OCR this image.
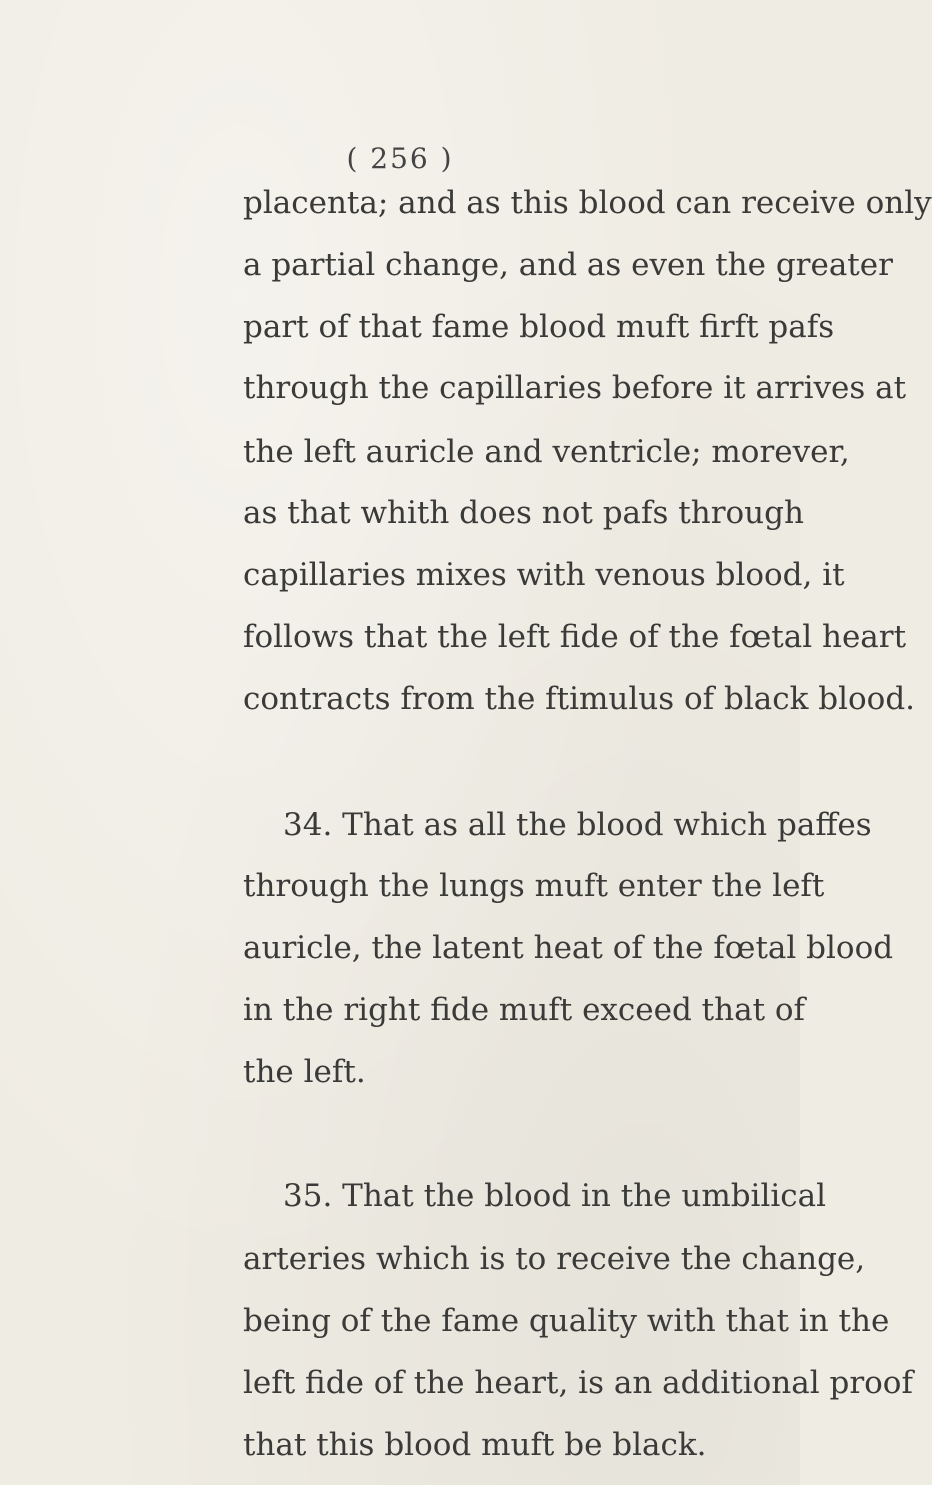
( 256 )
placenta; and as this blood can receive only
a partial change, and as even the greater
part of that fame blood muft firft pafs
through the capillaries before it arrives at
the left auricle and ventricle; morever,
as that whith does not pafs through
capillaries mixes with venous blood, it
follows that the left fide of the fœtal heart
contracts from the ftimulus of black blood.
34. That as all the blood which paffes
through the lungs muft enter the left
auricle, the latent heat of the fœtal blood
in the right fide muft exceed that of
the left.
35. That the blood in the umbilical
arteries which is to receive the change,
being of the fame quality with that in the
left fide of the heart, is an additional proof
that this blood muft be black.
